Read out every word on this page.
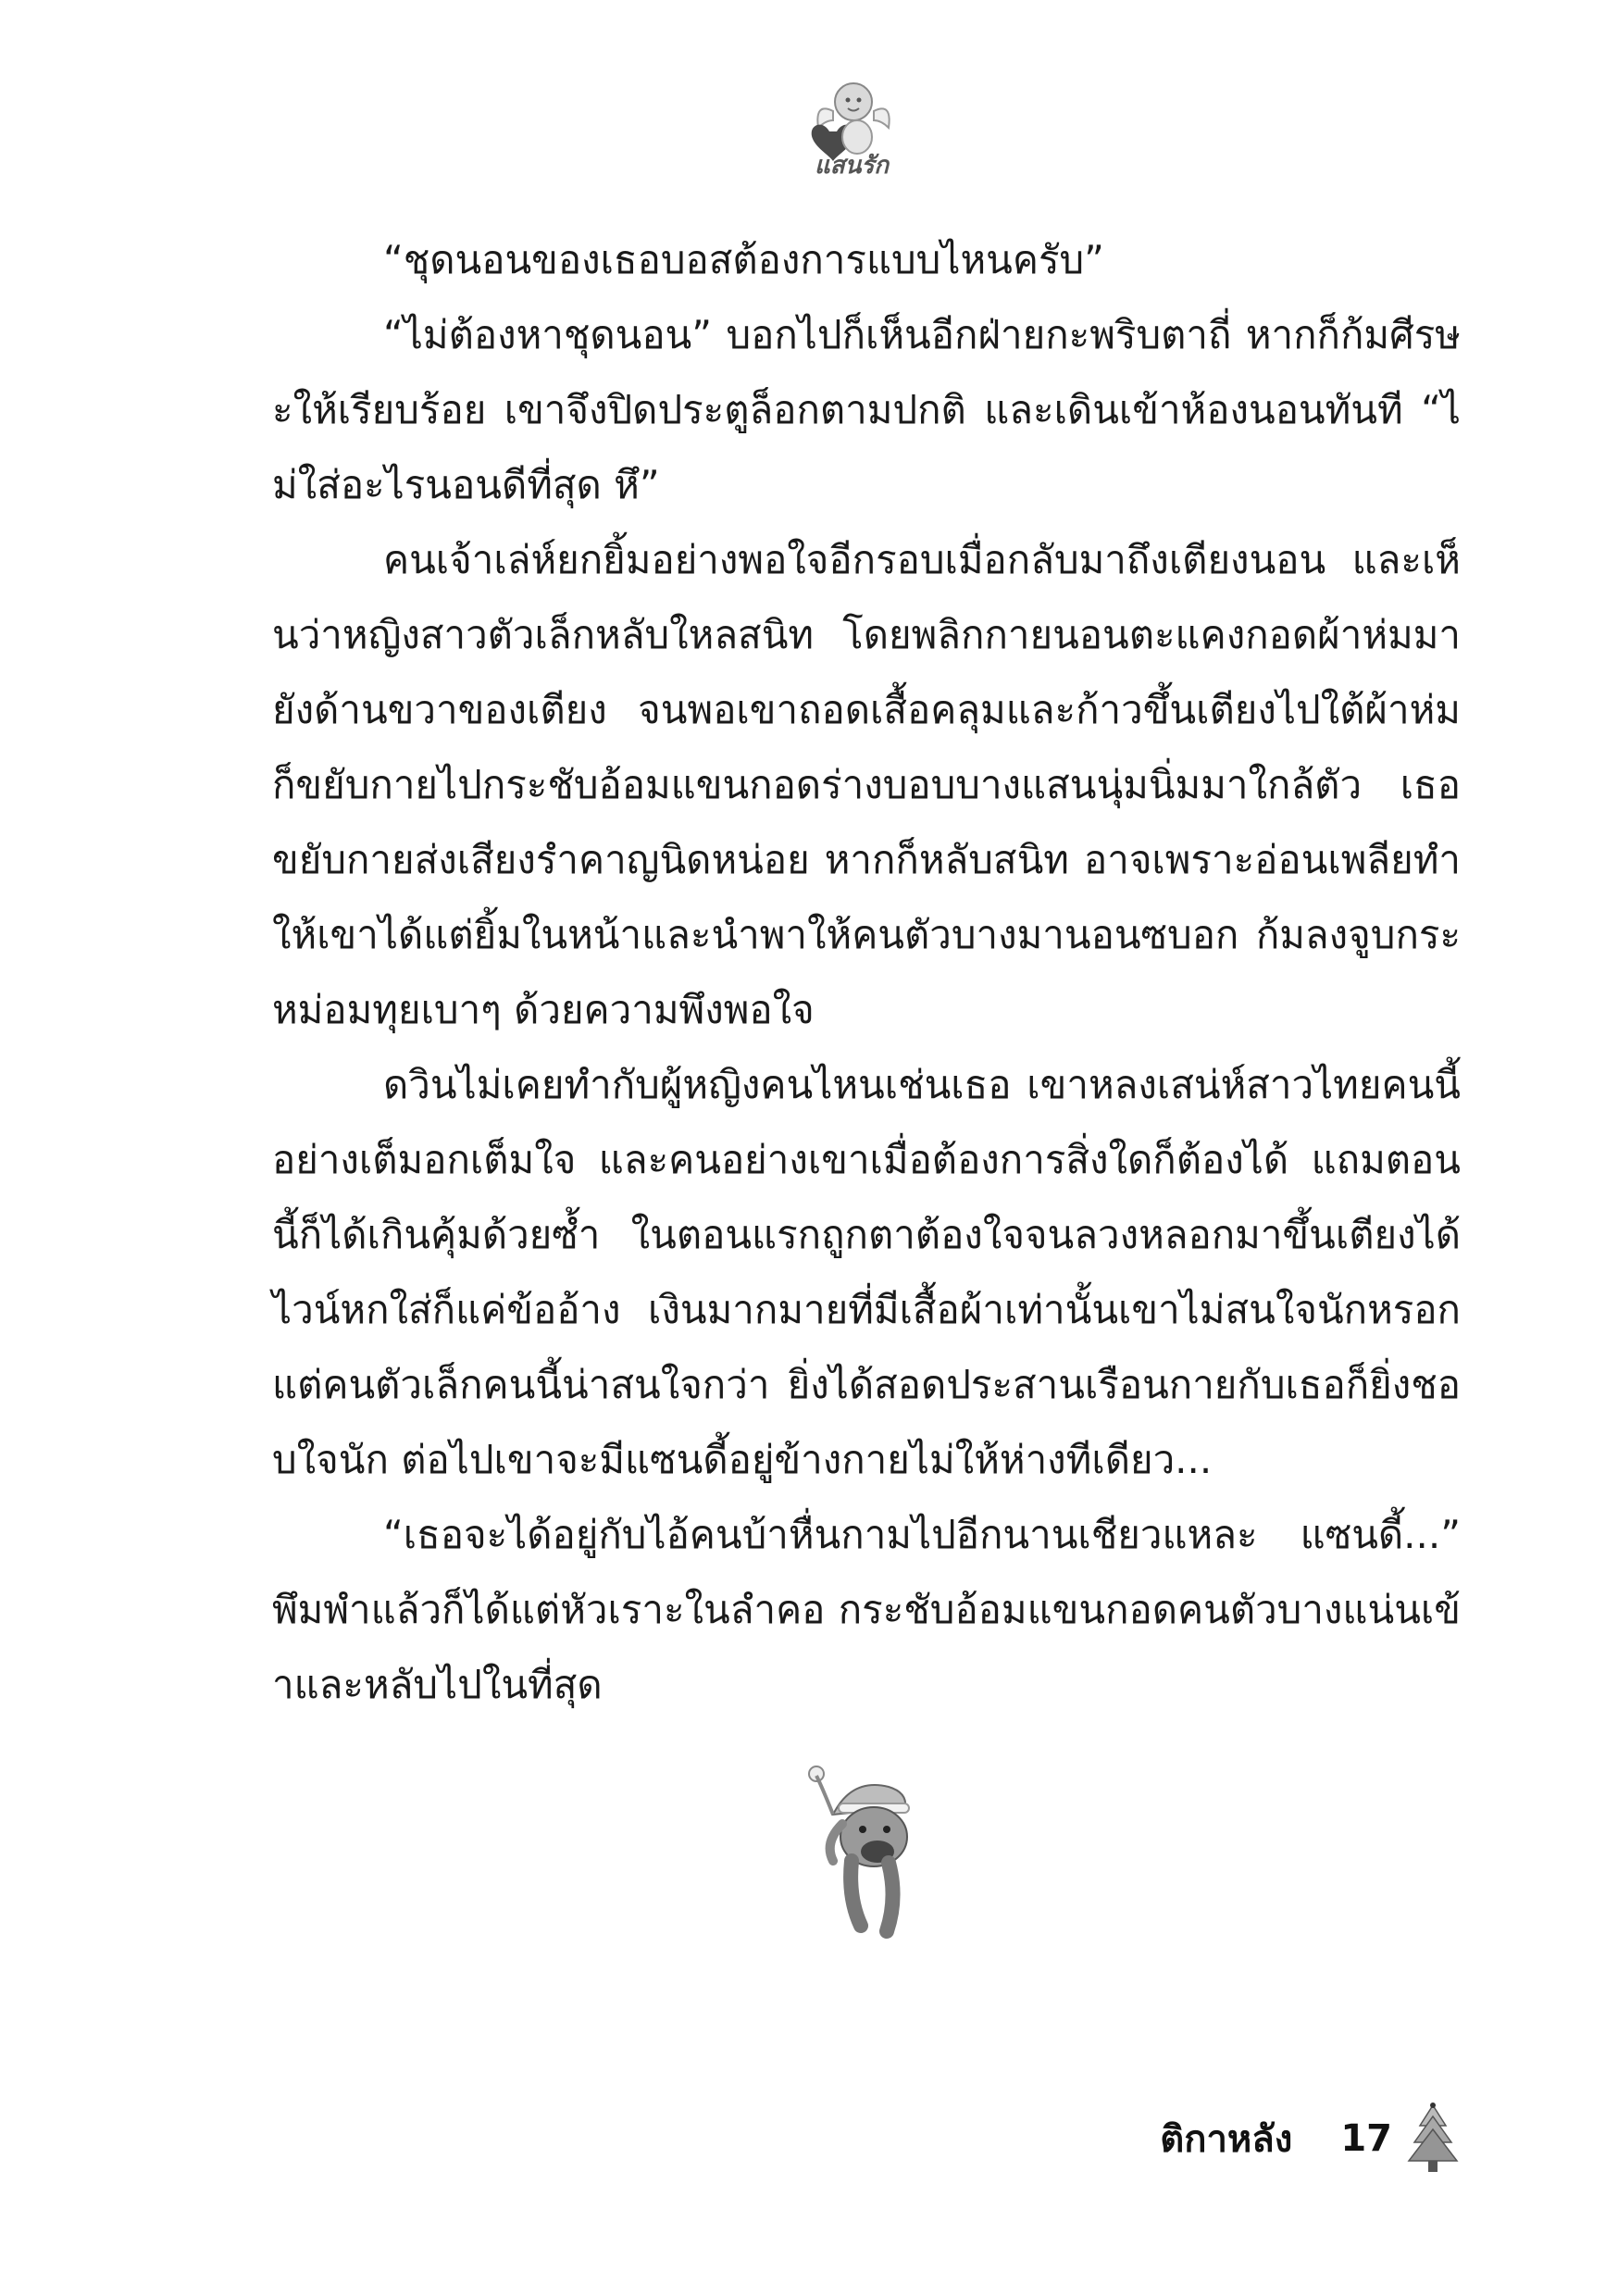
แสนรัก

“ชุดนอนของเธอบอสต้องการแบบไหนครับ”

“ไม่ต้องหาชุดนอน” บอกไปก็เห็นอีกฝ่ายกะพริบตาถี่ หากก็ก้มศีรษะให้เรียบร้อย เขาจึงปิดประตูล็อกตามปกติ และเดินเข้าห้องนอนทันที “ไม่ใส่อะไรนอนดีที่สุด หึ”

คนเจ้าเล่ห์ยกยิ้มอย่างพอใจอีกรอบเมื่อกลับมาถึงเตียงนอน และเห็นว่าหญิงสาวตัวเล็กหลับใหลสนิท โดยพลิกกายนอนตะแคงกอดผ้าห่มมายังด้านขวาของเตียง จนพอเขาถอดเสื้อคลุมและก้าวขึ้นเตียงไปใต้ผ้าห่มก็ขยับกายไปกระชับอ้อมแขนกอดร่างบอบบางแสนนุ่มนิ่มมาใกล้ตัว เธอขยับกายส่งเสียงรำคาญนิดหน่อย หากก็หลับสนิท อาจเพราะอ่อนเพลียทำให้เขาได้แต่ยิ้มในหน้าและนำพาให้คนตัวบางมานอนซบอก ก้มลงจูบกระหม่อมทุยเบาๆ ด้วยความพึงพอใจ

ดวินไม่เคยทำกับผู้หญิงคนไหนเช่นเธอ เขาหลงเสน่ห์สาวไทยคนนี้อย่างเต็มอกเต็มใจ และคนอย่างเขาเมื่อต้องการสิ่งใดก็ต้องได้ แถมตอนนี้ก็ได้เกินคุ้มด้วยซ้ำ ในตอนแรกถูกตาต้องใจจนลวงหลอกมาขึ้นเตียงได้ ไวน์หกใส่ก็แค่ข้ออ้าง เงินมากมายที่มีเสื้อผ้าเท่านั้นเขาไม่สนใจนักหรอก แต่คนตัวเล็กคนนี้น่าสนใจกว่า ยิ่งได้สอดประสานเรือนกายกับเธอก็ยิ่งชอบใจนัก ต่อไปเขาจะมีแซนดี้อยู่ข้างกายไม่ให้ห่างทีเดียว...

“เธอจะได้อยู่กับไอ้คนบ้าหื่นกามไปอีกนานเชียวแหละ แซนดี้...” พึมพำแล้วก็ได้แต่หัวเราะในลำคอ กระชับอ้อมแขนกอดคนตัวบางแน่นเข้าและหลับไปในที่สุด

ติกาหลัง 17
